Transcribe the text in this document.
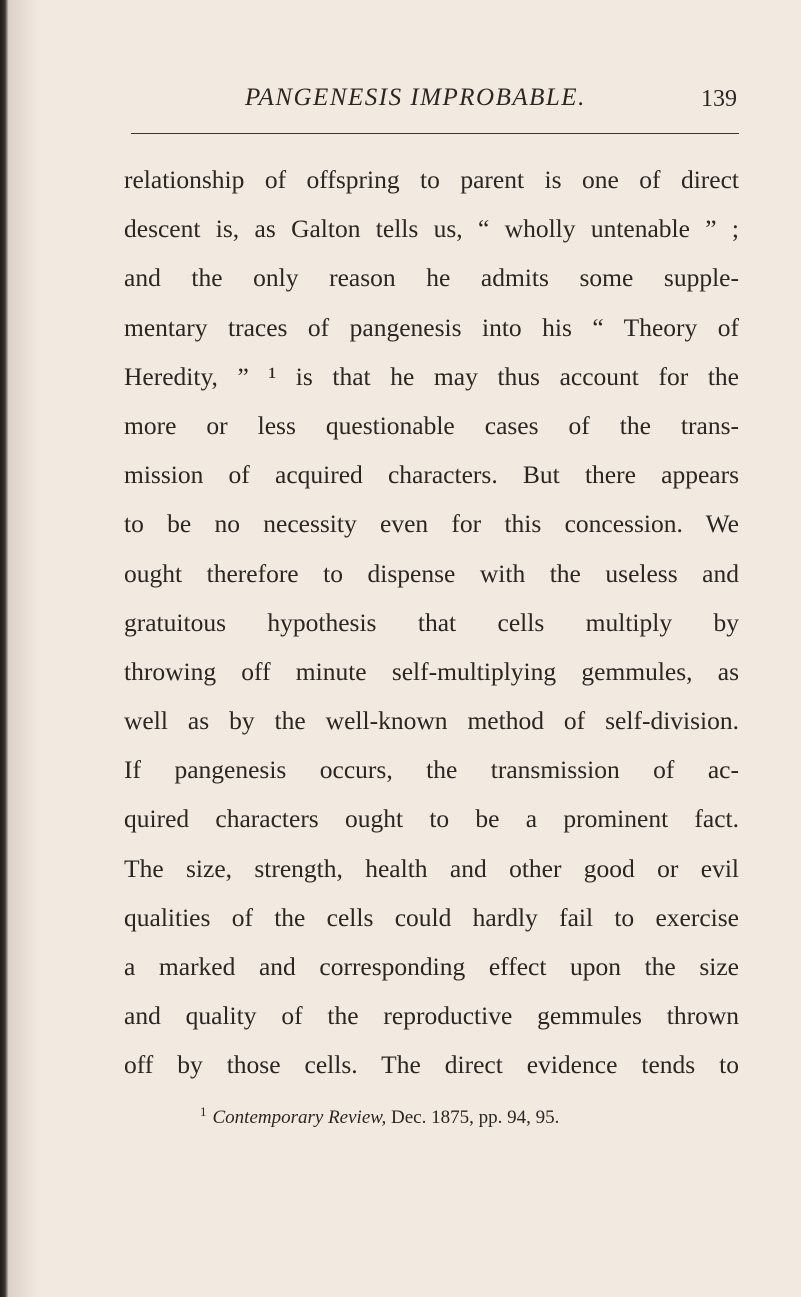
PANGENESIS IMPROBABLE.	139
relationship of offspring to parent is one of direct
descent is, as Galton tells us, “ wholly untenable ” ;
and the only reason he admits some supple-
mentary traces of pangenesis into his “ Theory of
Heredity, ” ¹ is that he may thus account for the
more or less questionable cases of the trans-
mission of acquired characters. But there appears
to be no necessity even for this concession. We
ought therefore to dispense with the useless and
gratuitous hypothesis that cells multiply by
throwing off minute self-multiplying gemmules, as
well as by the well-known method of self-division.
If pangenesis occurs, the transmission of ac-
quired characters ought to be a prominent fact.
The size, strength, health and other good or evil
qualities of the cells could hardly fail to exercise
a marked and corresponding effect upon the size
and quality of the reproductive gemmules thrown
off by those cells. The direct evidence tends to
$^1$ Contemporary Review, Dec. 1875, pp. 94, 95.
